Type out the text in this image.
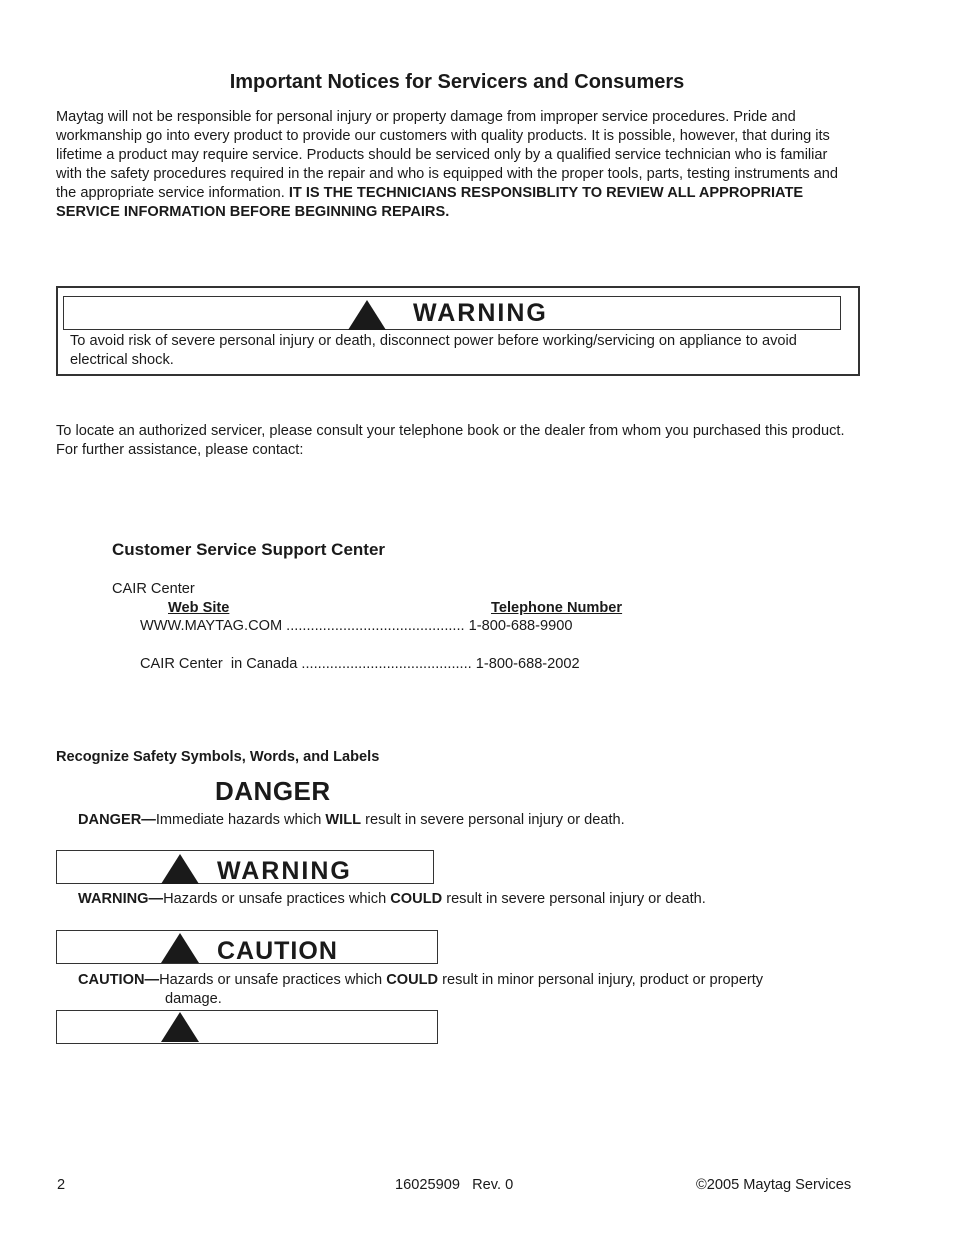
Important Notices for Servicers and Consumers
Maytag will not be responsible for personal injury or property damage from improper service procedures. Pride and workmanship go into every product to provide our customers with quality products. It is possible, however, that during its lifetime a product may require service. Products should be serviced only by a qualified service technician who is familiar with the safety procedures required in the repair and who is equipped with the proper tools, parts, testing instruments and the appropriate service information. IT IS THE TECHNICIANS RESPONSIBLITY TO REVIEW ALL APPROPRIATE SERVICE INFORMATION BEFORE BEGINNING REPAIRS.
WARNING
To avoid risk of severe personal injury or death, disconnect power before working/servicing on appliance to avoid electrical shock.
To locate an authorized servicer, please consult your telephone book or the dealer from whom you purchased this product. For further assistance, please contact:
Customer Service Support Center
CAIR Center
Web Site	Telephone Number
WWW.MAYTAG.COM ............................................ 1-800-688-9900
CAIR Center  in Canada .......................................... 1-800-688-2002
Recognize Safety Symbols, Words, and Labels
DANGER
DANGER—Immediate hazards which WILL result in severe personal injury or death.
WARNING
WARNING—Hazards or unsafe practices which COULD result in severe personal injury or death.
CAUTION
CAUTION—Hazards or unsafe practices which COULD result in minor personal injury, product or property
damage.
2	16025909   Rev. 0	©2005 Maytag Services
